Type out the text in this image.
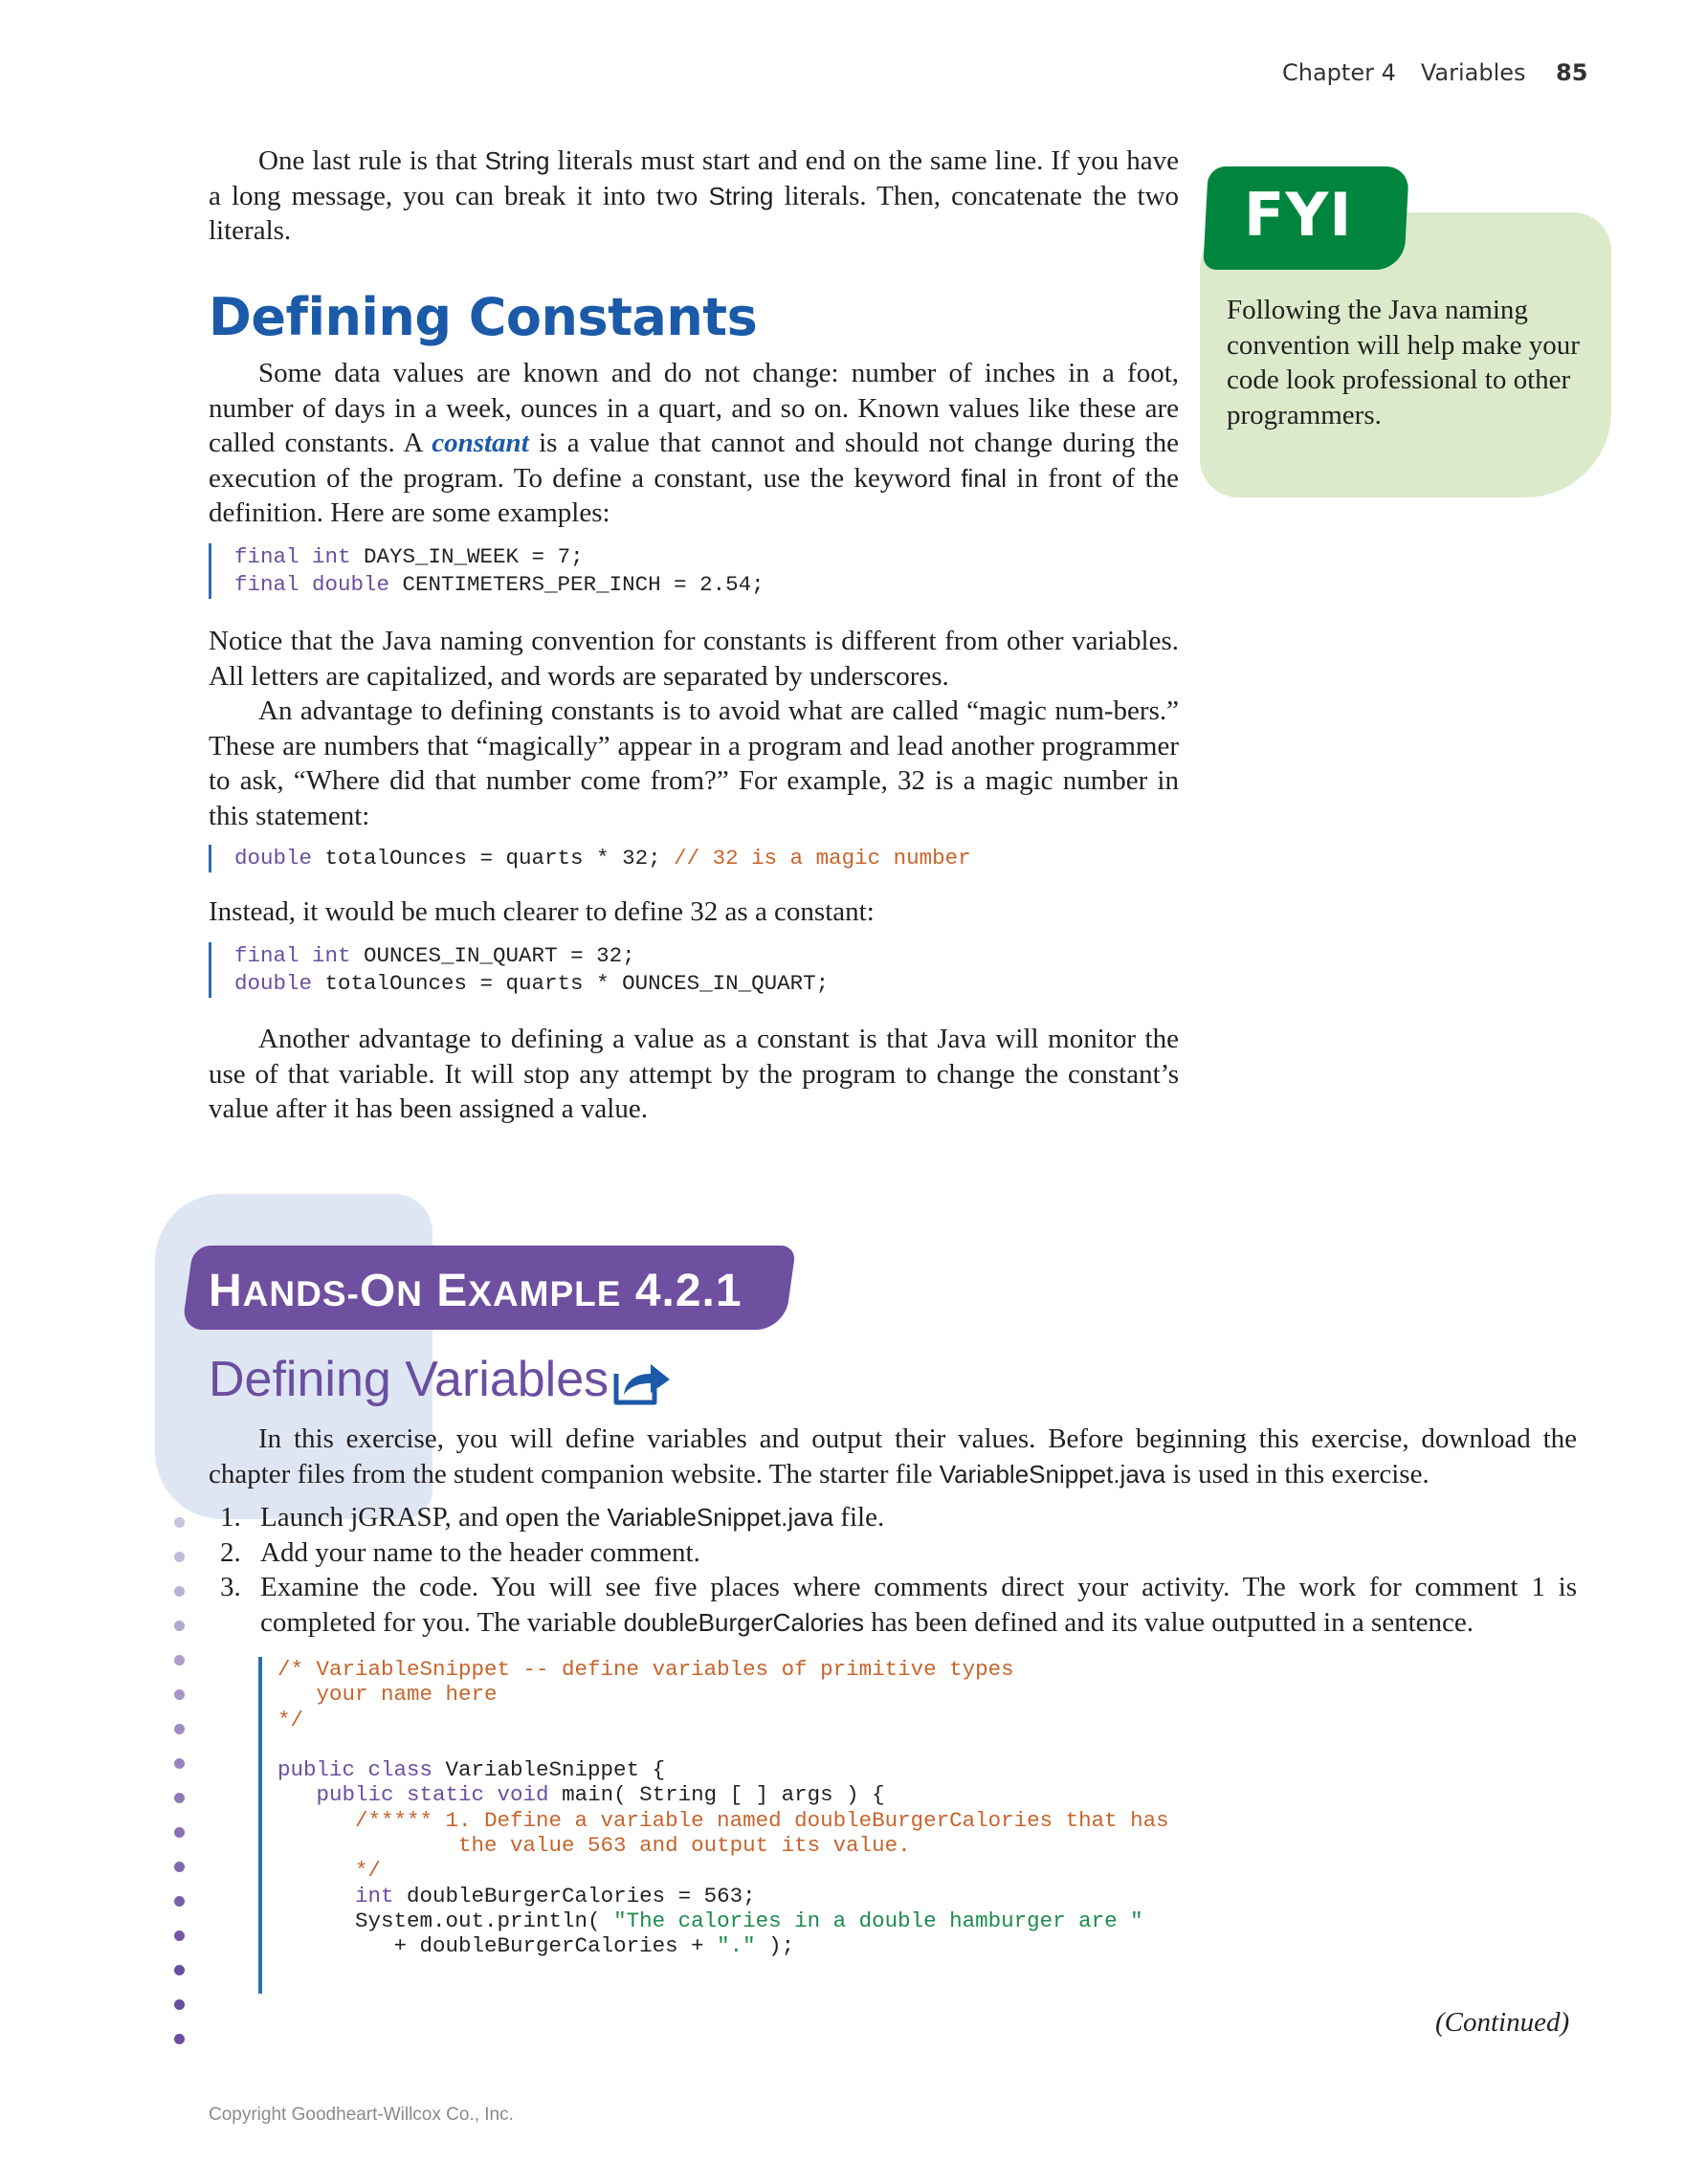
Chapter 4 Variables 85

One last rule is that String literals must start and end on the same line. If you have a long message, you can break it into two String literals. Then, concatenate the two literals.

Defining Constants

Some data values are known and do not change: number of inches in a foot, number of days in a week, ounces in a quart, and so on. Known values like these are called constants. A constant is a value that cannot and should not change during the execution of the program. To define a constant, use the keyword final in front of the definition. Here are some examples:

final int DAYS_IN_WEEK = 7;
final double CENTIMETERS_PER_INCH = 2.54;

Notice that the Java naming convention for constants is different from other variables. All letters are capitalized, and words are separated by underscores.

An advantage to defining constants is to avoid what are called “magic num-bers.” These are numbers that “magically” appear in a program and lead another programmer to ask, “Where did that number come from?” For example, 32 is a magic number in this statement:

double totalOunces = quarts * 32; // 32 is a magic number

Instead, it would be much clearer to define 32 as a constant:

final int OUNCES_IN_QUART = 32;
double totalOunces = quarts * OUNCES_IN_QUART;

Another advantage to defining a value as a constant is that Java will monitor the use of that variable. It will stop any attempt by the program to change the constant’s value after it has been assigned a value.

FYI

Following the Java naming convention will help make your code look professional to other programmers.

HANDS-ON EXAMPLE 4.2.1
Defining Variables

In this exercise, you will define variables and output their values. Before beginning this exercise, download the chapter files from the student companion website. The starter file VariableSnippet.java is used in this exercise.

1. Launch jGRASP, and open the VariableSnippet.java file.
2. Add your name to the header comment.
3. Examine the code. You will see five places where comments direct your activity. The work for comment 1 is completed for you. The variable doubleBurgerCalories has been defined and its value outputted in a sentence.
/* VariableSnippet -- define variables of primitive types
your name here
*/

public class VariableSnippet {
public static void main( String [ ] args ) {
/***** 1. Define a variable named doubleBurgerCalories that has
the value 563 and output its value.
*/
int doubleBurgerCalories = 563;
System.out.println( "The calories in a double hamburger are "
+ doubleBurgerCalories + "." );
(Continued)
Copyright Goodheart-Willcox Co., Inc.
